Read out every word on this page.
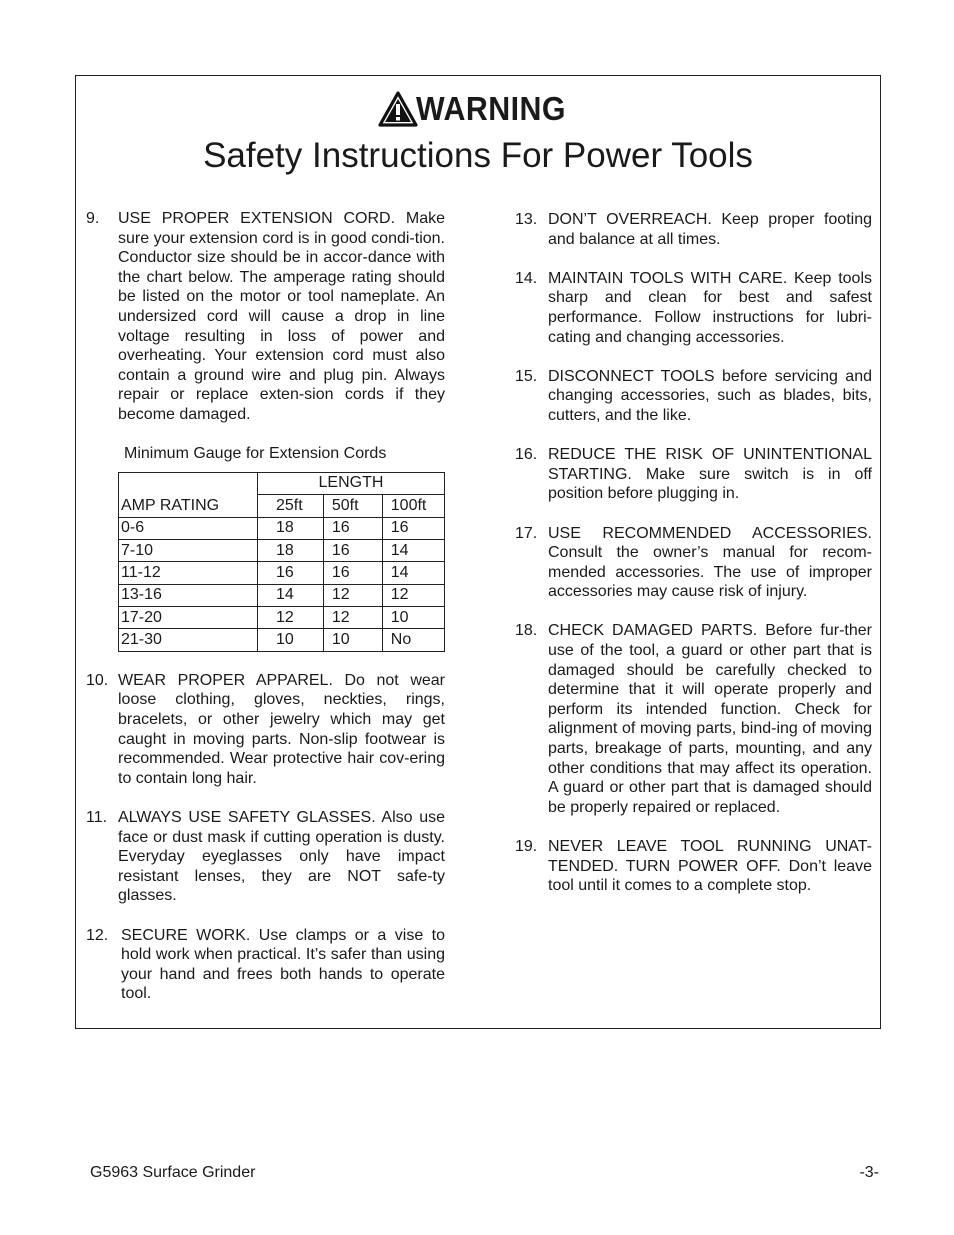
WARNING
Safety Instructions For Power Tools
9.	USE PROPER EXTENSION CORD. Make sure your extension cord is in good condi-tion. Conductor size should be in accor-dance with the chart below. The amperage rating should be listed on the motor or tool nameplate. An undersized cord will cause a drop in line voltage resulting in loss of power and overheating. Your extension cord must also contain a ground wire and plug pin. Always repair or replace exten-sion cords if they become damaged.
Minimum Gauge for Extension Cords
	LENGTH		
AMP RATING	25ft	50ft	100ft
0-6	18	16	16
7-10	18	16	14
11-12	16	16	14
13-16	14	12	12
17-20	12	12	10
21-30	10	10	No
10. WEAR PROPER APPAREL. Do not wear loose clothing, gloves, neckties, rings, bracelets, or other jewelry which may get caught in moving parts. Non-slip footwear is recommended. Wear protective hair cov-ering to contain long hair.
11. ALWAYS USE SAFETY GLASSES. Also use face or dust mask if cutting operation is dusty. Everyday eyeglasses only have impact resistant lenses, they are NOT safe-ty glasses.
12. SECURE WORK. Use clamps or a vise to hold work when practical. It’s safer than using your hand and frees both hands to operate tool.
13. DON’T OVERREACH. Keep proper footing and balance at all times.
14. MAINTAIN TOOLS WITH CARE. Keep tools sharp and clean for best and safest performance. Follow instructions for lubri-cating and changing accessories.
15. DISCONNECT TOOLS before servicing and changing accessories, such as blades, bits, cutters, and the like.
16. REDUCE THE RISK OF UNINTENTIONAL STARTING. Make sure switch is in off position before plugging in.
17. USE RECOMMENDED ACCESSORIES. Consult the owner’s manual for recom-mended accessories. The use of improper accessories may cause risk of injury.
18. CHECK DAMAGED PARTS. Before fur-ther use of the tool, a guard or other part that is damaged should be carefully checked to determine that it will operate properly and perform its intended function. Check for alignment of moving parts, bind-ing of moving parts, breakage of parts, mounting, and any other conditions that may affect its operation. A guard or other part that is damaged should be properly repaired or replaced.
19. NEVER LEAVE TOOL RUNNING UNAT-TENDED. TURN POWER OFF. Don’t leave tool until it comes to a complete stop.
G5963 Surface Grinder	-3-
